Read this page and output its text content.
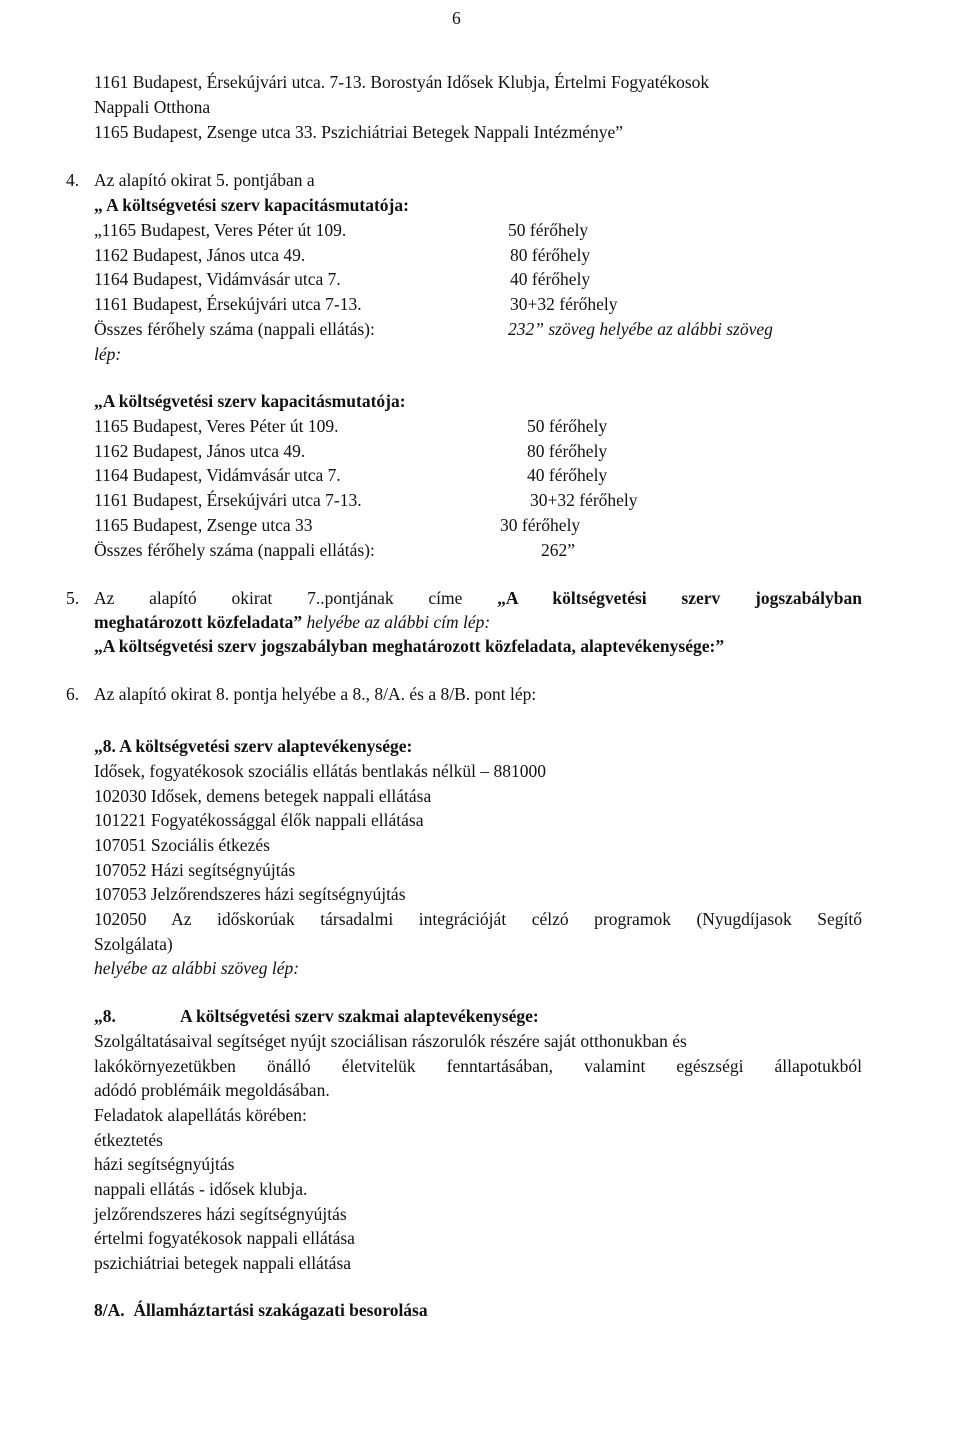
6
1161 Budapest, Érsekújvári utca. 7-13. Borostyán Idősek Klubja, Értelmi Fogyatékosok
Nappali Otthona
1165 Budapest, Zsenge utca 33. Pszichiátriai Betegek Nappali Intézménye”
4. Az alapító okirat 5. pontjában a
„ A költségvetési szerv kapacitásmutatója:
„1165 Budapest, Veres Péter út 109.	50 férőhely
1162 Budapest, János utca 49.	80 férőhely
1164 Budapest, Vidámvásár utca 7.	40 férőhely
1161 Budapest, Érsekújvári utca 7-13.	30+32 férőhely
Összes férőhely száma (nappali ellátás):	232” szöveg helyébe az alábbi szöveg
lép:
„A költségvetési szerv kapacitásmutatója:
1165 Budapest, Veres Péter út 109.	50 férőhely
1162 Budapest, János utca 49.	80 férőhely
1164 Budapest, Vidámvásár utca 7.	40 férőhely
1161 Budapest, Érsekújvári utca 7-13.	30+32 férőhely
1165 Budapest, Zsenge utca 33	30 férőhely
Összes férőhely száma (nappali ellátás):	262”
5. Az alapító okirat 7..pontjának címe „A költségvetési szerv jogszabályban
meghatározott közfeladata” helyébe az alábbi cím lép:
„A költségvetési szerv jogszabályban meghatározott közfeladata, alaptevékenysége:”
6. Az alapító okirat 8. pontja helyébe a 8., 8/A. és a 8/B. pont lép:
„8. A költségvetési szerv alaptevékenysége:
Idősek, fogyatékosok szociális ellátás bentlakás nélkül – 881000
102030 Idősek, demens betegek nappali ellátása
101221 Fogyatékossággal élők nappali ellátása
107051 Szociális étkezés
107052 Házi segítségnyújtás
107053 Jelzőrendszeres házi segítségnyújtás
102050 Az időskorúak társadalmi integrációját célzó programok (Nyugdíjasok Segítő
Szolgálata)
helyébe az alábbi szöveg lép:
„8.	A költségvetési szerv szakmai alaptevékenysége:
Szolgáltatásaival segítséget nyújt szociálisan rászorulók részére saját otthonukban és
lakókörnyezetükben önálló életvitelük fenntartásában, valamint egészségi állapotukból
adódó problémáik megoldásában.
Feladatok alapellátás körében:
étkeztetés
házi segítségnyújtás
nappali ellátás - idősek klubja.
jelzőrendszeres házi segítségnyújtás
értelmi fogyatékosok nappali ellátása
pszichiátriai betegek nappali ellátása
8/A.  Államháztartási szakágazati besorolása
